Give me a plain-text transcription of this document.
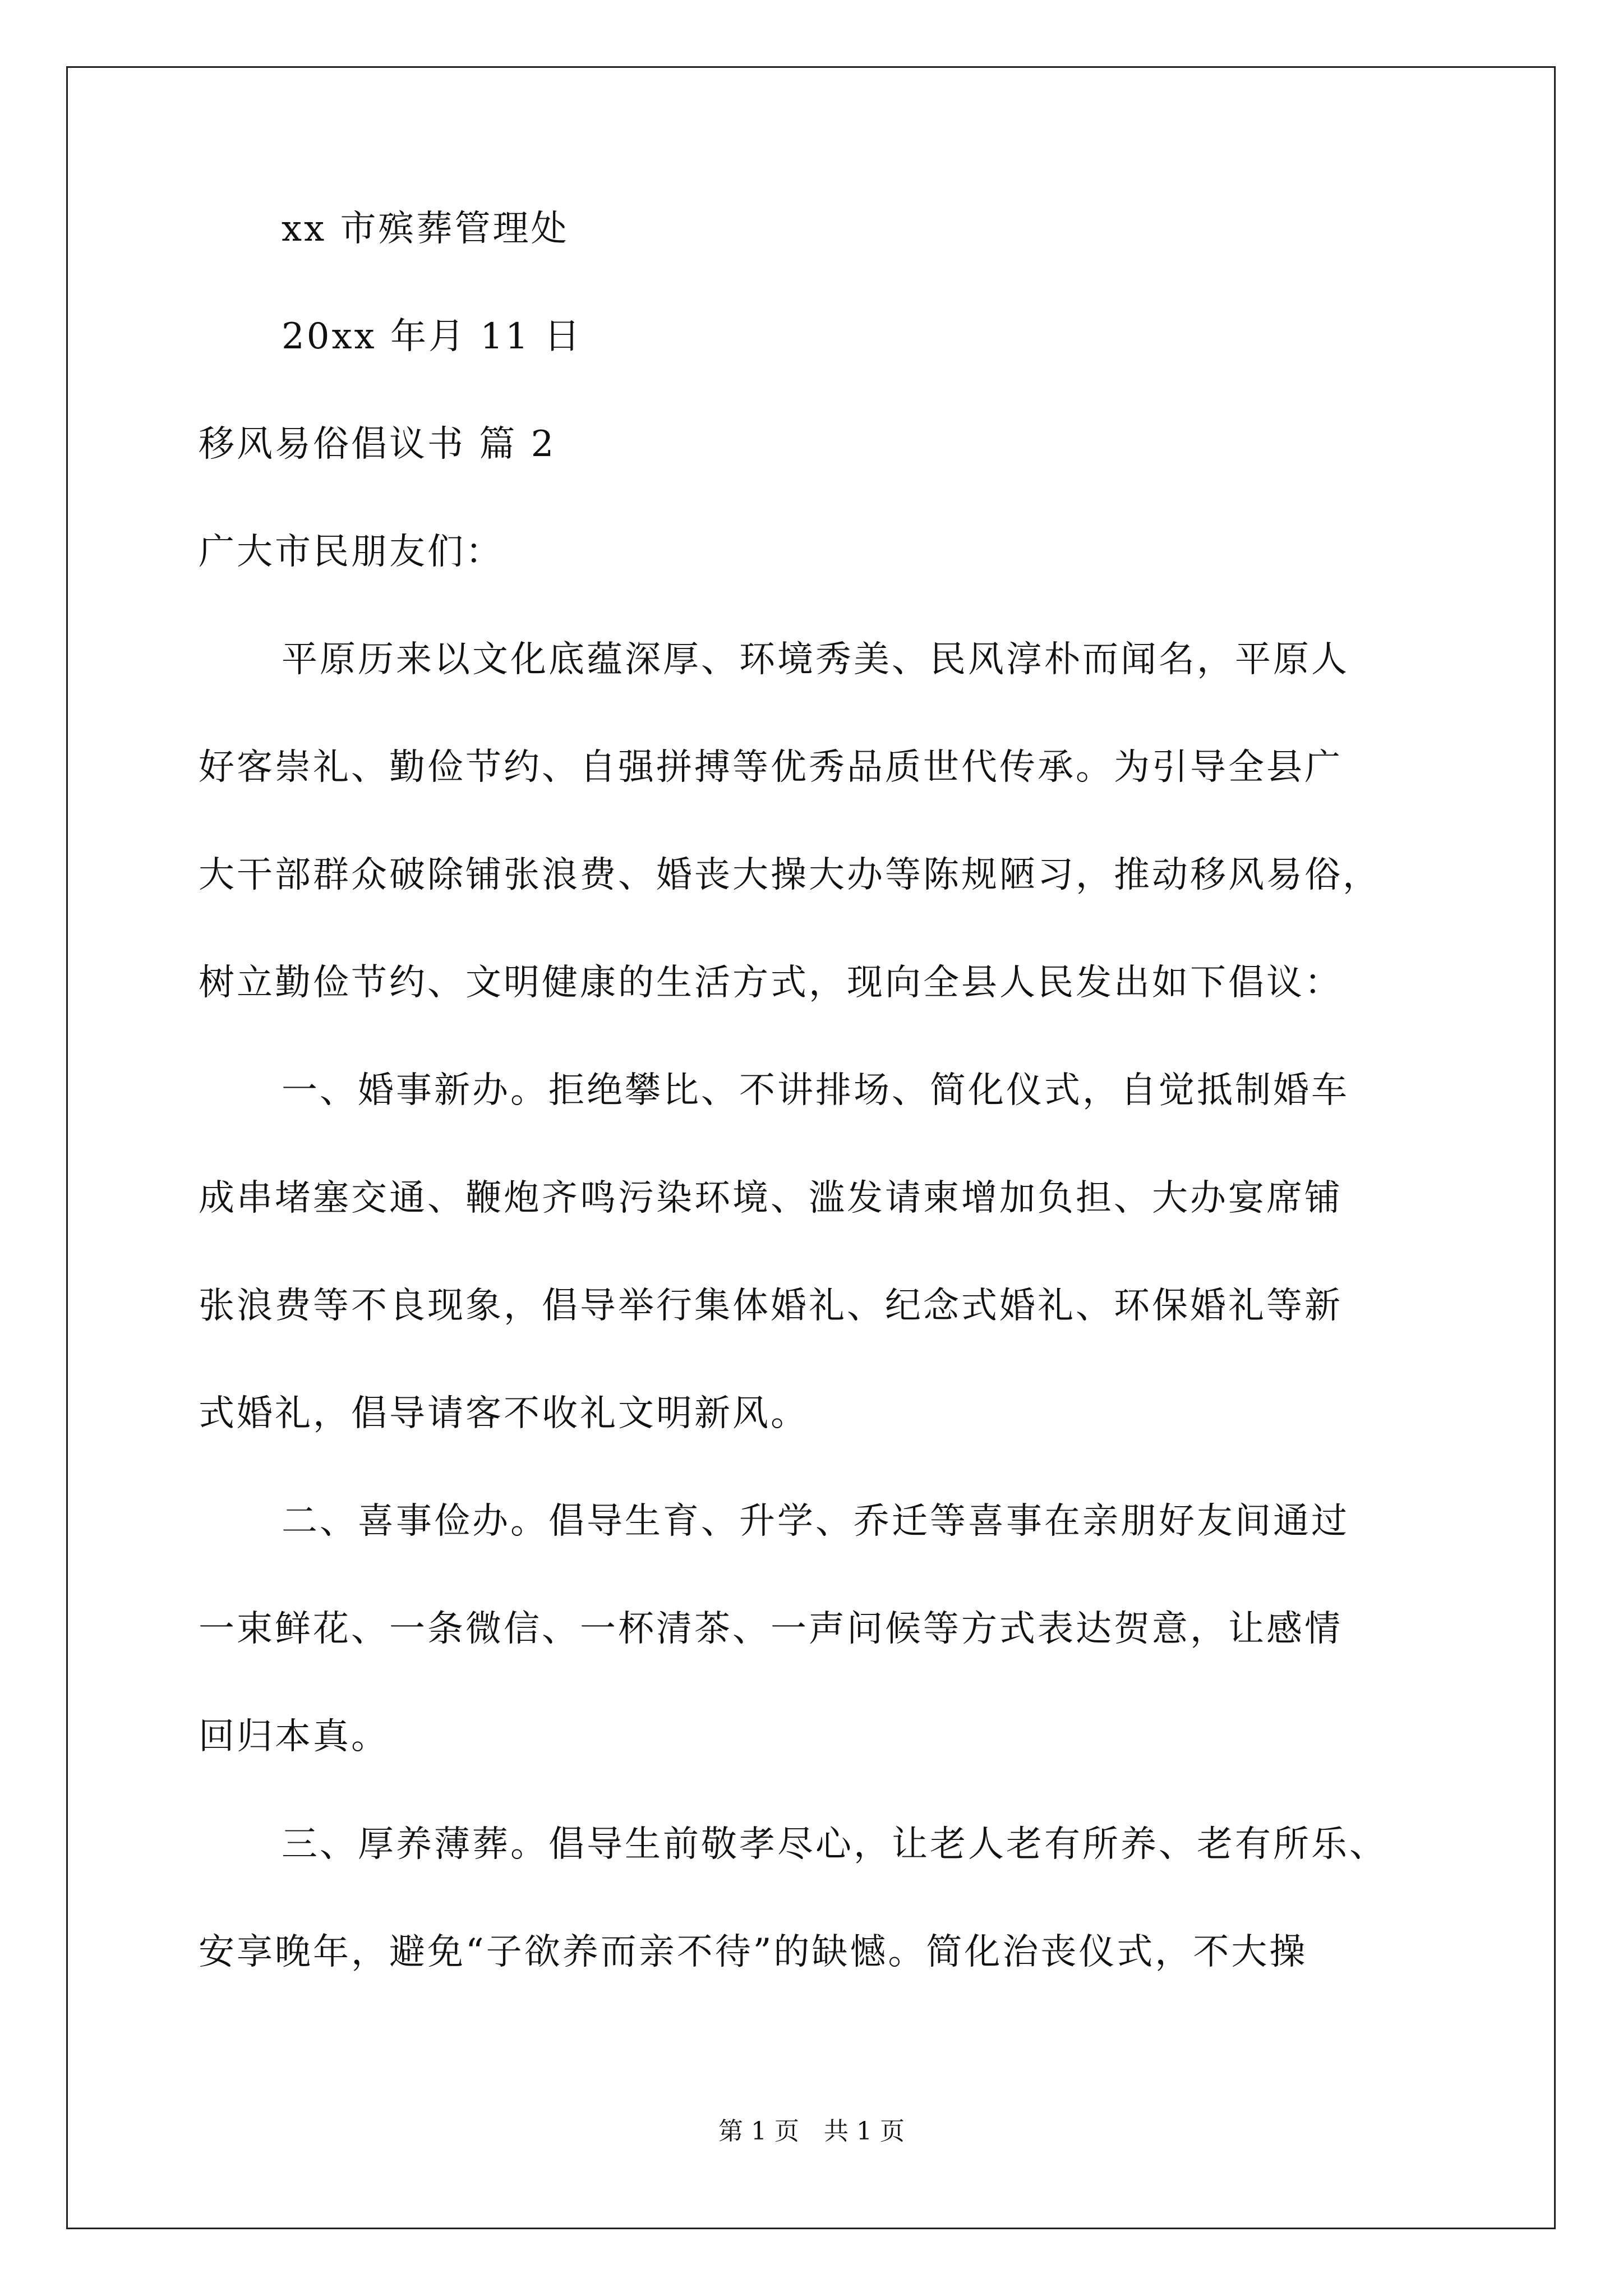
xx 市殡葬管理处
20xx 年月 11 日
移风易俗倡议书 篇 2
广大市民朋友们：
平原历来以文化底蕴深厚、环境秀美、民风淳朴而闻名，平原人
好客崇礼、勤俭节约、自强拼搏等优秀品质世代传承。为引导全县广
大干部群众破除铺张浪费、婚丧大操大办等陈规陋习，推动移风易俗，
树立勤俭节约、文明健康的生活方式，现向全县人民发出如下倡议：
一、婚事新办。拒绝攀比、不讲排场、简化仪式，自觉抵制婚车
成串堵塞交通、鞭炮齐鸣污染环境、滥发请柬增加负担、大办宴席铺
张浪费等不良现象，倡导举行集体婚礼、纪念式婚礼、环保婚礼等新
式婚礼，倡导请客不收礼文明新风。
二、喜事俭办。倡导生育、升学、乔迁等喜事在亲朋好友间通过
一束鲜花、一条微信、一杯清茶、一声问候等方式表达贺意，让感情
回归本真。
三、厚养薄葬。倡导生前敬孝尽心，让老人老有所养、老有所乐、
安享晚年，避免“子欲养而亲不待”的缺憾。简化治丧仪式，不大操
第 1 页　共 1 页
